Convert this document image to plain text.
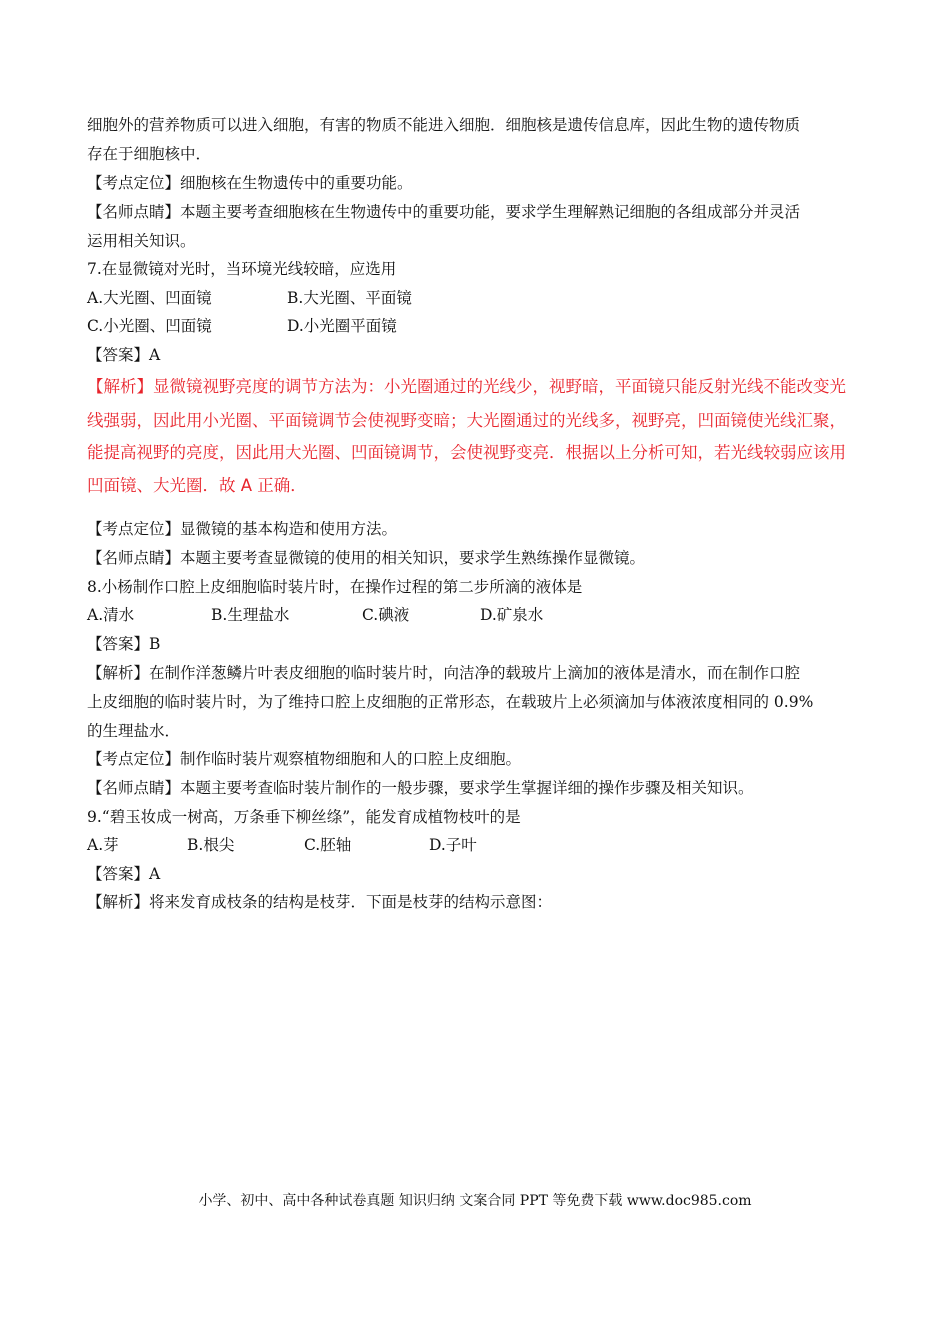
细胞外的营养物质可以进入细胞，有害的物质不能进入细胞．细胞核是遗传信息库，因此生物的遗传物质
存在于细胞核中．
【考点定位】细胞核在生物遗传中的重要功能。
【名师点睛】本题主要考查细胞核在生物遗传中的重要功能，要求学生理解熟记细胞的各组成部分并灵活
运用相关知识。
7.在显微镜对光时，当环境光线较暗，应选用
A.大光圈、凹面镜	B.大光圈、平面镜
C.小光圈、凹面镜	D.小光圈平面镜
【答案】A
【解析】显微镜视野亮度的调节方法为：小光圈通过的光线少，视野暗，平面镜只能反射光线不能改变光
线强弱，因此用小光圈、平面镜调节会使视野变暗；大光圈通过的光线多，视野亮，凹面镜使光线汇聚，
能提高视野的亮度，因此用大光圈、凹面镜调节，会使视野变亮．根据以上分析可知，若光线较弱应该用
凹面镜、大光圈．故 A 正确．
【考点定位】显微镜的基本构造和使用方法。
【名师点睛】本题主要考查显微镜的使用的相关知识，要求学生熟练操作显微镜。
8.小杨制作口腔上皮细胞临时装片时，在操作过程的第二步所滴的液体是
A.清水	B.生理盐水	C.碘液	D.矿泉水
【答案】B
【解析】在制作洋葱鳞片叶表皮细胞的临时装片时，向洁净的载玻片上滴加的液体是清水，而在制作口腔
上皮细胞的临时装片时，为了维持口腔上皮细胞的正常形态，在载玻片上必须滴加与体液浓度相同的 0.9%
的生理盐水．
【考点定位】制作临时装片观察植物细胞和人的口腔上皮细胞。
【名师点睛】本题主要考查临时装片制作的一般步骤，要求学生掌握详细的操作步骤及相关知识。
9.“碧玉妆成一树高，万条垂下柳丝绦”，能发育成植物枝叶的是
A.芽	B.根尖	C.胚轴	D.子叶
【答案】A
【解析】将来发育成枝条的结构是枝芽．下面是枝芽的结构示意图：
小学、初中、高中各种试卷真题 知识归纳 文案合同 PPT 等免费下载 www.doc985.com
